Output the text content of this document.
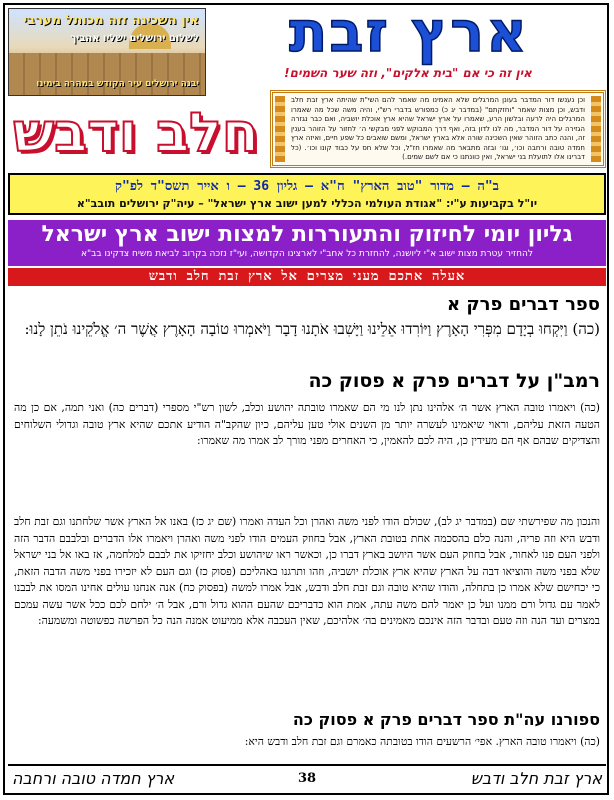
אין השכינה זזה מכותל מערבי
לשלום ירושלים ישליו אהביך
יבנה ירושלים עיר הקודש במהרה בימינו
ארץ זבת
אין זה כי אם "בית אלקים", וזה שער השמים!
חלב ודבש
וכן נענשו דור המדבר בעונן המרגלים שלא האמינו מה שאמר להם השי"ת שהיתה ארץ זבת חלב ודבש, וכן מצות שאמר "וחזקתם" (במדבר יג כ) כמפורש בדברי רש"י, והיה משה שכל מה שאמרו המרגלים היה לרעה ובלשון הרע, שאמרו על ארץ ישראל שהיא ארץ אוכלת יושביה, ואם כבר נגזרה הגזירה על דור המדבר, מה לנו לדון בזה, ואף דרך המבוקש לפני מבקשי ה׳ לחזור על הזוהר בענין זה, והנה כתב הזוהר שאין השכינה שורה אלא בארץ ישראל, ומשם שואבים כל שפע חיים, ואיזה ארץ חמדה טובה ורחבה וכו׳, וגו׳ ובזה מתבאר מה שאמרו חז"ל, וכל שלא חס על כבוד קונו וכו׳. (כל דברינו אלו לתועלת בני ישראל, ואין כוונתנו כי אם לשם שמים.)
ב"ה – מדור "טוב הארץ" ח"א – גליון 36 – ו אייר תשס"ד לפ"ק
יו"ל בקביעות ע"י: "אגודת העולמי הכללי למען ישוב ארץ ישראל" – עיה"ק ירושלים תובב"א
גליון יומי לחיזוק והתעוררות למצות ישוב ארץ ישראל
להחזיר עטרת מצות ישוב א"י ליושנה, להחזרת כל אחב"י לארצינו הקדושה, ועי"ז נזכה בקרוב לביאת משיח צדקינו בב"א
אעלה אתכם מעני מצרים אל ארץ זבת חלב ודבש
ספר דברים פרק א
(כה) וַיִּקְחוּ בְיָדָם מִפְּרִי הָאָרֶץ וַיּוֹרִדוּ אֵלֵינוּ וַיָּשִׁבוּ אֹתָנוּ דָבָר וַיֹּאמְרוּ טוֹבָה הָאָרֶץ אֲשֶׁר ה׳ אֱלֹקֵינוּ נֹתֵן לָנוּ:
רמב"ן על דברים פרק א פסוק כה
(כה) ויאמרו טובה הארץ אשר ה׳ אלהינו נתן לנו מי הם שאמרו טובתה יהושע וכלב, לשון רש"י מספרי (דברים כה) ואני תמה, אם כן מה הטעה הזאת עליהם, וראוי שיאמינו לעשרה יותר מן השנים אולי טען עליהם, כיון שהקב"ה הודיע אתכם שהיא ארץ טובה וגדולי השלוחים והצדיקים שבהם אף הם מעידין כן, היה לכם להאמין, כי האחרים מפני מורך לב אמרו מה שאמרו:
והנכון מה שפירשתי שם (במדבר יג לב), שכולם הודו לפני משה ואהרן וכל העדה ואמרו (שם יג כז) באנו אל הארץ אשר שלחתנו וגם זבת חלב ודבש היא וזה פריה, והנה כלם בהסכמה אחת בטובת הארץ, אבל בחוזק העמים הודו לפני משה ואהרן ויאמרו אלו הדברים ובלבבם הדבר הזה ולפני העם פנו לאחור, אבל בחוזק העם אשר היושב בארץ דברו כן, וכאשר ראו שיהושע וכלב יחזיקו את לבבם למלחמה, אז באו אל בני ישראל שלא בפני משה והוציאו דבה על הארץ שהיא ארץ אוכלת יושביה, וזהו ותרגנו באהליכם (פסוק כז) וגם העם לא יזכירו בפני משה הדבה הזאת, כי יכחישם שלא אמרו כן בתחלה, והודו שהיא טובה וגם זבת חלב ודבש, אבל אמרו למשה (בפסוק כח) אנה אנחנו עולים אחינו המסו את לבבנו לאמר עם גדול ורם ממנו ועל כן יאמר להם משה עתה, אמת הוא כדבריכם שהעם ההוא גדול ורם, אבל ה׳ ילחם לכם ככל אשר עשה עמכם במצרים ועד הנה וזה טעם ובדבר הזה אינכם מאמינים בה׳ אלהיכם, שאין העכבה אלא ממיעוט אמנה הנה כל הפרשה כפשוטה ומשמעה:
ספורנו עה"ת ספר דברים פרק א פסוק כה
(כה) ויאמרו טובה הארץ. אפי׳ הרשעים הודו בטובתה כאמרם וגם זבת חלב ודבש היא:
ארץ זבת חלב ודבש
38
ארץ חמדה טובה ורחבה
